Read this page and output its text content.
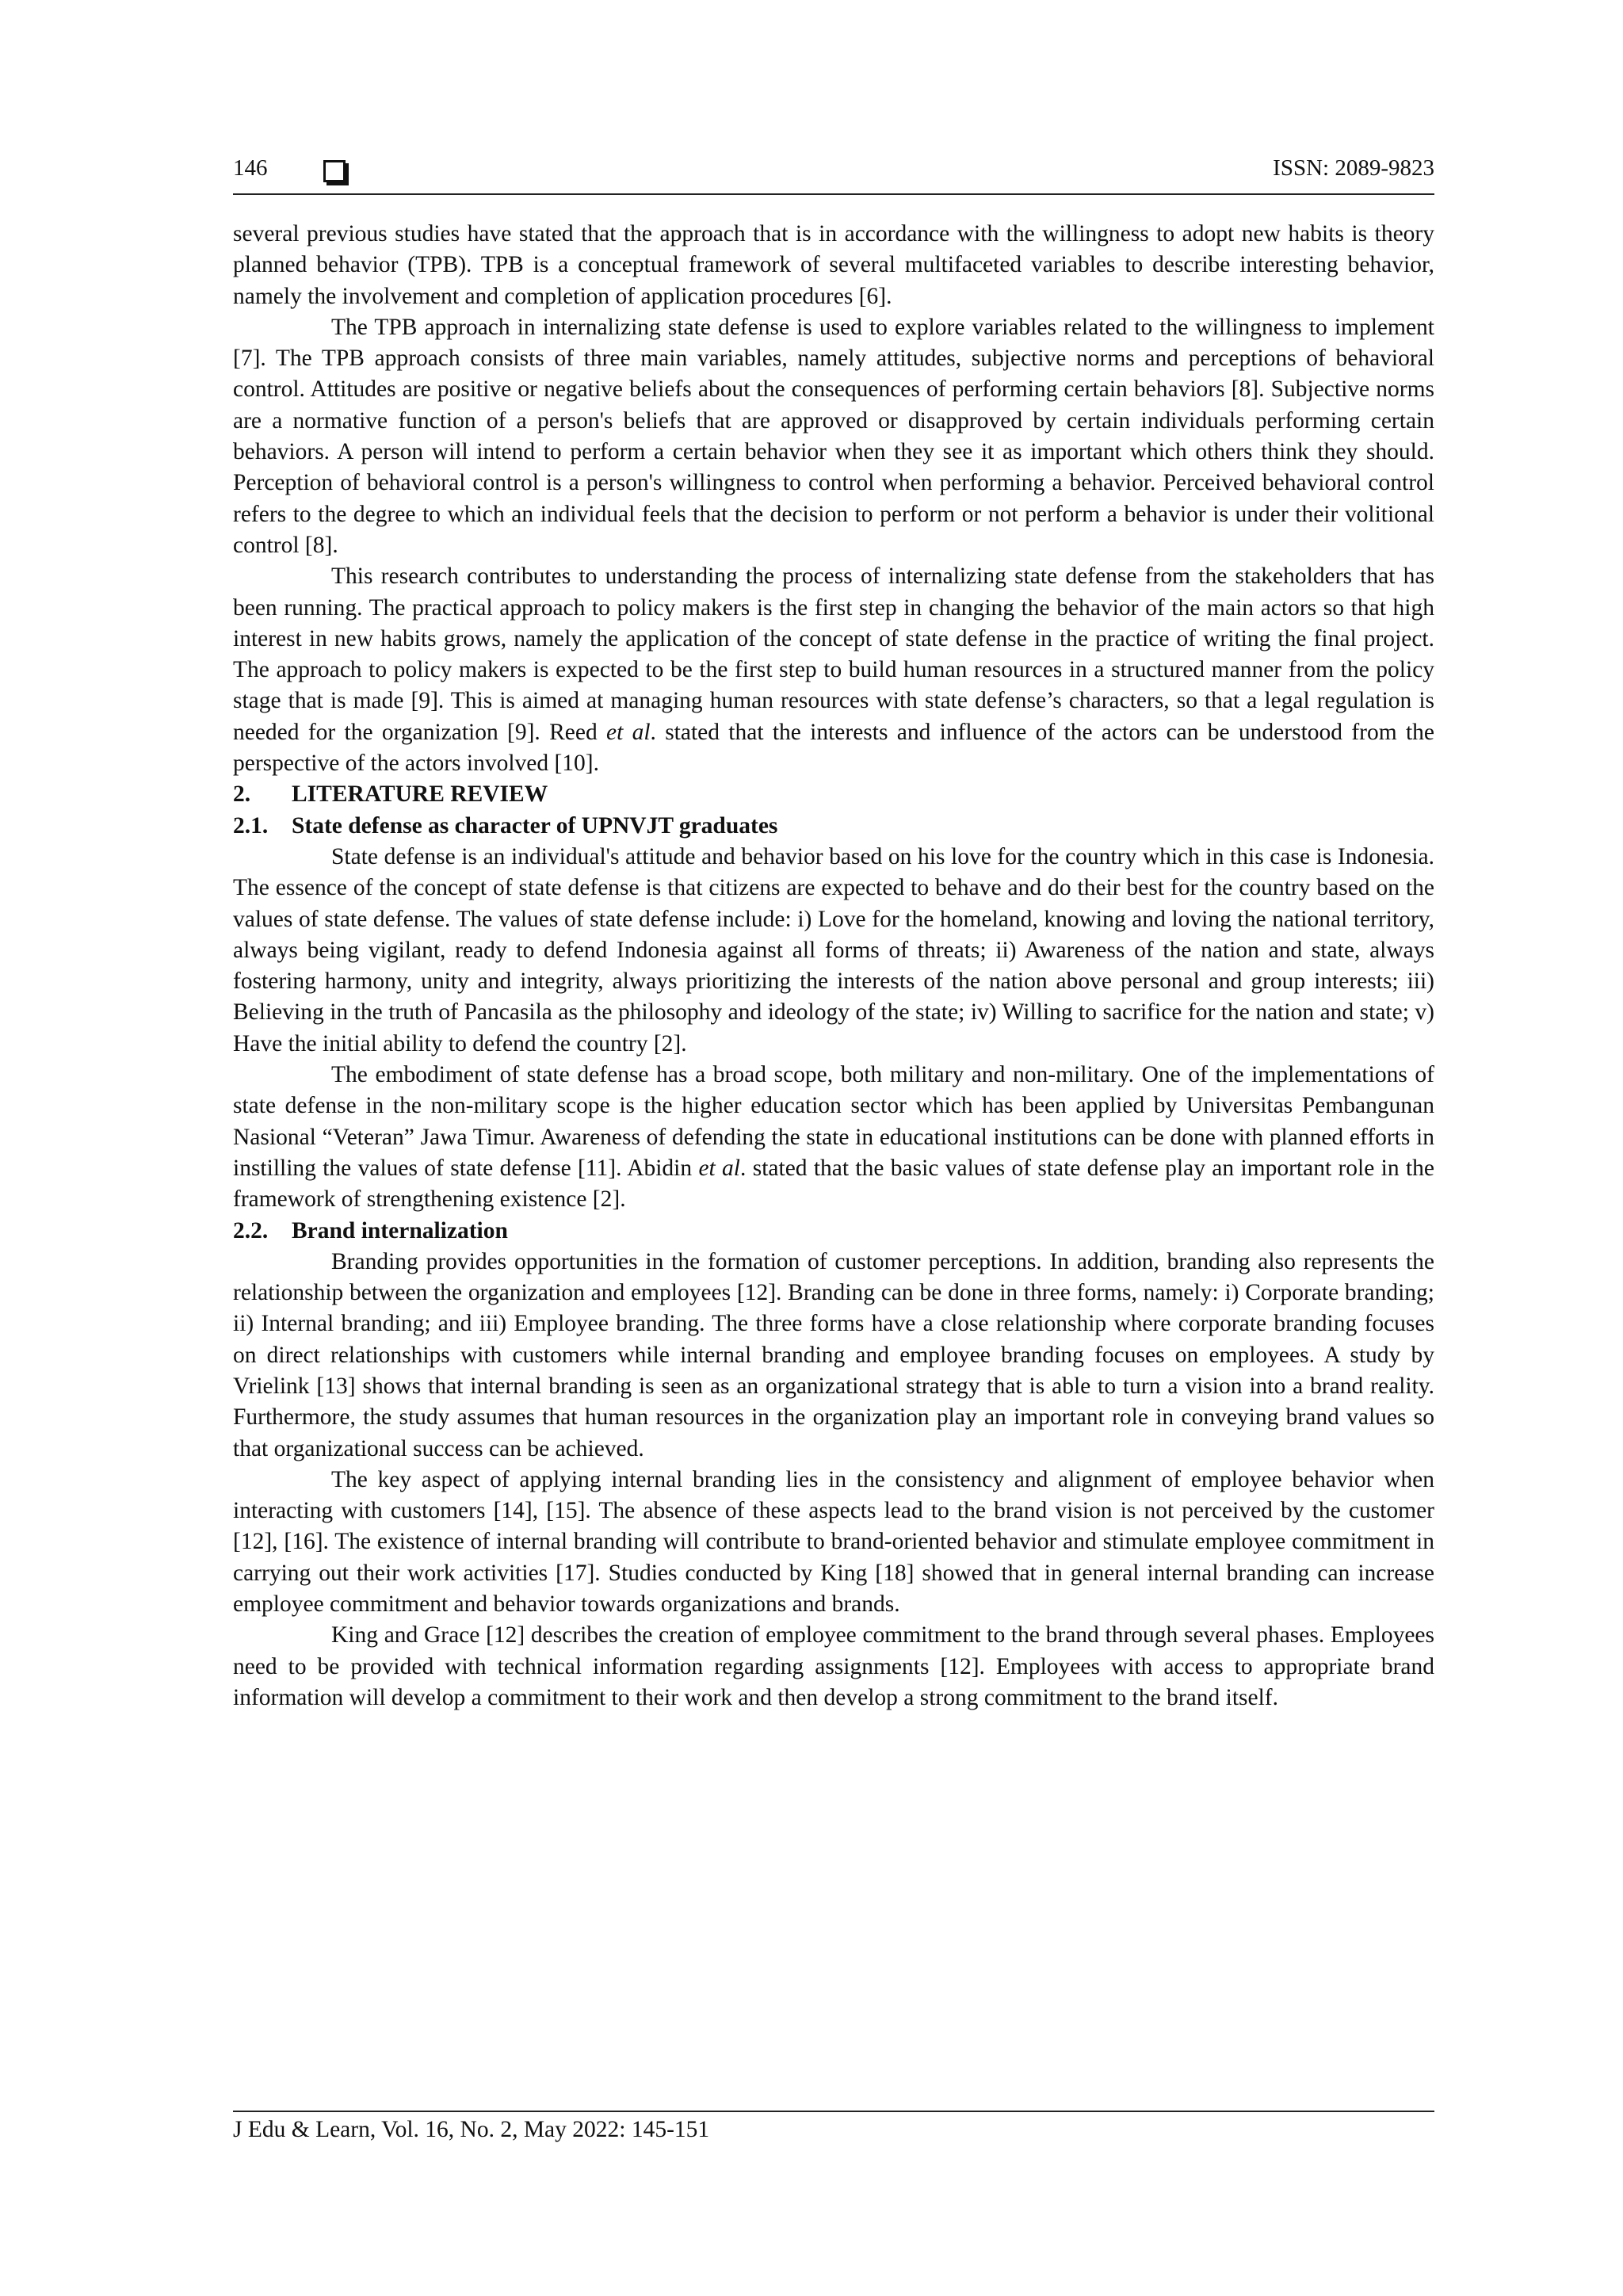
146	ISSN: 2089-9823

several previous studies have stated that the approach that is in accordance with the willingness to adopt new habits is theory planned behavior (TPB). TPB is a conceptual framework of several multifaceted variables to describe interesting behavior, namely the involvement and completion of application procedures [6].

The TPB approach in internalizing state defense is used to explore variables related to the willingness to implement [7]. The TPB approach consists of three main variables, namely attitudes, subjective norms and perceptions of behavioral control. Attitudes are positive or negative beliefs about the consequences of performing certain behaviors [8]. Subjective norms are a normative function of a person's beliefs that are approved or disapproved by certain individuals performing certain behaviors. A person will intend to perform a certain behavior when they see it as important which others think they should. Perception of behavioral control is a person's willingness to control when performing a behavior. Perceived behavioral control refers to the degree to which an individual feels that the decision to perform or not perform a behavior is under their volitional control [8].

This research contributes to understanding the process of internalizing state defense from the stakeholders that has been running. The practical approach to policy makers is the first step in changing the behavior of the main actors so that high interest in new habits grows, namely the application of the concept of state defense in the practice of writing the final project. The approach to policy makers is expected to be the first step to build human resources in a structured manner from the policy stage that is made [9]. This is aimed at managing human resources with state defense’s characters, so that a legal regulation is needed for the organization [9]. Reed et al. stated that the interests and influence of the actors can be understood from the perspective of the actors involved [10].

2. LITERATURE REVIEW

2.1. State defense as character of UPNVJT graduates

State defense is an individual's attitude and behavior based on his love for the country which in this case is Indonesia. The essence of the concept of state defense is that citizens are expected to behave and do their best for the country based on the values of state defense. The values of state defense include: i) Love for the homeland, knowing and loving the national territory, always being vigilant, ready to defend Indonesia against all forms of threats; ii) Awareness of the nation and state, always fostering harmony, unity and integrity, always prioritizing the interests of the nation above personal and group interests; iii) Believing in the truth of Pancasila as the philosophy and ideology of the state; iv) Willing to sacrifice for the nation and state; v) Have the initial ability to defend the country [2].

The embodiment of state defense has a broad scope, both military and non-military. One of the implementations of state defense in the non-military scope is the higher education sector which has been applied by Universitas Pembangunan Nasional “Veteran” Jawa Timur. Awareness of defending the state in educational institutions can be done with planned efforts in instilling the values of state defense [11]. Abidin et al. stated that the basic values of state defense play an important role in the framework of strengthening existence [2].

2.2. Brand internalization

Branding provides opportunities in the formation of customer perceptions. In addition, branding also represents the relationship between the organization and employees [12]. Branding can be done in three forms, namely: i) Corporate branding; ii) Internal branding; and iii) Employee branding. The three forms have a close relationship where corporate branding focuses on direct relationships with customers while internal branding and employee branding focuses on employees. A study by Vrielink [13] shows that internal branding is seen as an organizational strategy that is able to turn a vision into a brand reality. Furthermore, the study assumes that human resources in the organization play an important role in conveying brand values so that organizational success can be achieved.

The key aspect of applying internal branding lies in the consistency and alignment of employee behavior when interacting with customers [14], [15]. The absence of these aspects lead to the brand vision is not perceived by the customer [12], [16]. The existence of internal branding will contribute to brand-oriented behavior and stimulate employee commitment in carrying out their work activities [17]. Studies conducted by King [18] showed that in general internal branding can increase employee commitment and behavior towards organizations and brands.

King and Grace [12] describes the creation of employee commitment to the brand through several phases. Employees need to be provided with technical information regarding assignments [12]. Employees with access to appropriate brand information will develop a commitment to their work and then develop a strong commitment to the brand itself.

J Edu & Learn, Vol. 16, No. 2, May 2022: 145-151
